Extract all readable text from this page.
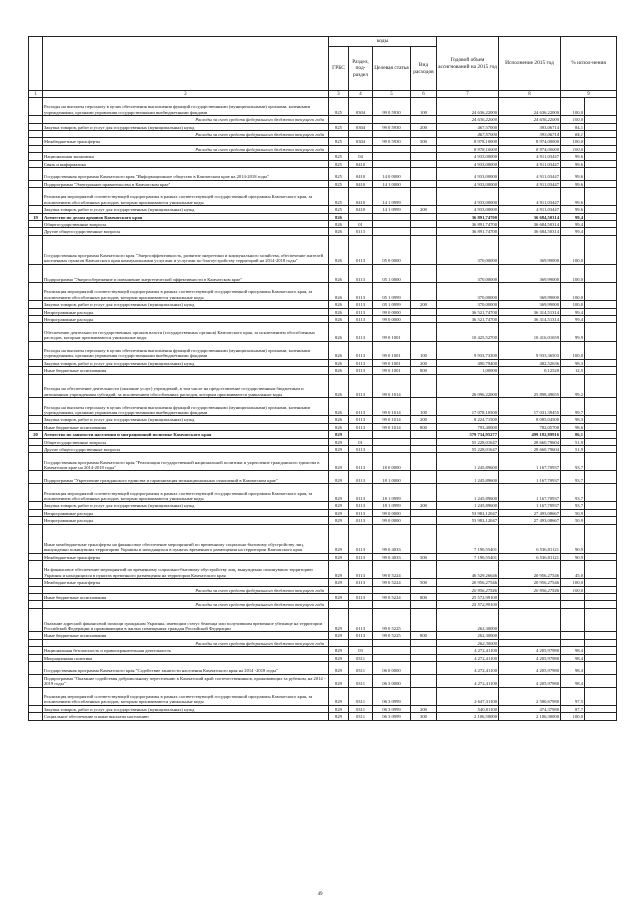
		коды				Годовой объем ассигнований на 2015 год	Исполнение 2015 год	% испол-нения	
		ГРБС	Раздел, под-раздел	Целевая статья	Вид расходов				
1	2	3	4	5	6	7	8	9	
	Расходы на выплаты персоналу в целях обеспечения выполнения функций государственными (муниципальными) органами, казенными учреждениями, органами управления государственными внебюджетными фондами	825	0304	99 0 5930	100	24 636,22000	24 636,22000	100,0	
	Расходы за счет средств федерального бюджета текущего года					24 636,22000	24 636,22000	100,0	
	Закупка товаров, работ и услуг для государственных (муниципальных) нужд	825	0304	99 0 5930	200	467,57000	393,06714	84,1	
	Расходы за счет средств федерального бюджета текущего года					467,57000	393,06714	84,1	
	Межбюджетные трансферты	825	0304	99 0 5930	500	8 978,10000	8 974,00000	100,0	
	Расходы за счет средств федерального бюджета текущего года					8 978,10000	8 974,00000	100,0	
	Национальная экономика	825	04			4 933,00000	4 911,03447	99,6	
	Связь и информатика	825	0410			4 933,00000	4 911,03447	99,6	
	Государственная программа Камчатского края "Информационное общество в Камчатском крае на 2014-2018 годы"	825	0410	14 0 0000		4 933,00000	4 911,03447	99,6	
	Подпрограмма "Электронное правительство в Камчатском крае"	825	0410	14 1 0000		4 933,00000	4 911,03447	99,6	
	Реализация мероприятий соответствующей подпрограммы в рамках соответствующей государственной программы Камчатского края, за исключением обособленных расходов, которым присваиваются уникальные коды	825	0410	14 1 0999		4 933,00000	4 911,03447	99,6	
	Закупка товаров, работ и услуг для государственных (муниципальных) нужд	825	0410	14 1 0999	200	4 933,00000	4 911,03447	99,6	
19	Агентство по делам архивов Камчатского края	826				36 891,74700	36 684,50314	99,4	
	Общегосударственные вопросы	826	01			36 891,74700	36 684,50314	99,4	
	Другие общегосударственные вопросы	826	0113			36 891,74700	36 684,50314	99,4	
	Государственная программа Камчатского края "Энергоэффективность, развитие энергетики и коммунального хозяйства, обеспечение жителей населенных пунктов Камчатского края коммунальными услугами и услугами по благоустройству территорий на 2014-2018 годы"	826	0113	05 0 0000		370,00000	369,99000	100,0	
	Подпрограмма "Энергосбережение и повышение энергетической эффективности в Камчатском крае"	826	0113	05 1 0000		370,00000	369,99000	100,0	
	Реализация мероприятий соответствующей подпрограммы в рамках соответствующей государственной программы Камчатского края, за исключением обособленных расходов, которым присваиваются уникальные коды	826	0113	05 1 0999		370,00000	369,99000	100,0	
	Закупка товаров, работ и услуг для государственных (муниципальных) нужд	826	0113	05 1 0999	200	370,00000	369,99000	100,0	
	Непрограммные расходы	826	0113	99 0 0000		36 521,74700	36 314,51314	99,4	
	Непрограммные расходы	826	0113	99 0 0000		36 521,74700	36 314,51314	99,4	
	Обеспечение деятельности государственных органов власти (государственных органов) Камчатского края, за исключением обособленных расходов, которым присваиваются уникальные коды	826	0113	99 0 1001		10 425,52700	10 416,01659	99,9	
	Расходы на выплаты персоналу в целях обеспечения выполнения функций государственными (муниципальными) органами, казенными учреждениями, органами управления государственными внебюджетными фондами	826	0113	99 0 1001	100	9 933,73300	9 933,36503	100,0	
	Закупка товаров, работ и услуг для государственных (муниципальных) нужд	826	0113	99 0 1001	200	490,79400	482,52636	98,3	
	Иные бюджетные ассигнования	826	0113	99 0 1001	800	1,00000	0,12520	12,5	
	Расходы на обеспечение деятельности (оказание услуг) учреждений, в том числе на предоставление государственным бюджетным и автономным учреждениям субсидий, за исключением обособленных расходов, которым присваиваются уникальные коды	826	0113	99 0 1014		26 096,22000	25 898,49655	99,2	
	Расходы на выплаты персоналу в целях обеспечения выполнения функций государственными (муниципальными) органами, казенными учреждениями, органами управления государственными внебюджетными фондами	826	0113	99 0 1014	100	17 078,10500	17 031,39455	99,7	
	Закупка товаров, работ и услуг для государственных (муниципальных) нужд	826	0113	99 0 1014	200	8 224,71500	8 085,04500	98,3	
	Иные бюджетные ассигнования	826	0113	99 0 1014	800	793,40000	782,05700	98,6	
20	Агентство по занятости населения и миграционной политике Камчатского края	829				579 734,95277	499 182,89916	86,1	
	Общегосударственные вопросы	829	01			55 228,01647	28 660,79604	51,9	
	Другие общегосударственные вопросы	829	0113			55 228,01647	28 660,79604	51,9	
	Государственная программа Камчатского края "Реализация государственной национальной политики и укрепление гражданского единства в Камчатском крае на 2014-2018 годы"	829	0113	18 0 0000		1 245,89600	1 167,70937	93,7	
	Подпрограмма "Укрепление гражданского единства и гармонизация межнациональных отношений в Камчатском крае"	829	0113	18 1 0000		1 245,89600	1 167,70937	93,7	
	Реализация мероприятий соответствующей подпрограммы в рамках соответствующей государственной программы Камчатского края, за исключением обособленных расходов, которым присваиваются уникальные коды	829	0113	18 1 0999		1 245,89600	1 167,70937	93,7	
	Закупка товаров, работ и услуг для государственных (муниципальных) нужд	829	0113	18 1 0999	200	1 245,89600	1 167,70937	93,7	
	Непрограммные расходы	829	0113	99 0 0000		53 982,12047	27 493,08667	50,9	
	Непрограммные расходы	829	0113	99 0 0000		53 982,12047	27 493,08667	50,9	
	Иные межбюджетные трансферты на финансовое обеспечение мероприятий по временному социально-бытовому обустройству лиц, вынужденно покинувших территорию Украины и находящихся в пунктах временного размещения на территории Камчатского края	829	0113	99 0 4033		7 190,55401	6 536,81121	90,9	
	Межбюджетные трансферты	829	0113	99 0 4033	500	7 190,55401	6 536,81121	90,9	
	На финансовое обеспечение мероприятий по временному социально-бытовому обустройству лиц, вынужденно покинувших территорию Украины и находящихся в пунктах временного размещения на территории Камчатского края	829	0113	99 0 5224		46 529,26646	20 956,27546	45,0	
	Межбюджетные трансферты	829	0113	99 0 5224	500	20 956,27546	20 956,27546	100,0	
	Расходы за счет средств федерального бюджета текущего года					20 956,27546	20 956,27546	100,0	
	Иные бюджетные ассигнования	829	0113	99 0 5224	800	25 572,99100			
	Расходы за счет средств федерального бюджета текущего года					25 572,99100			
	Оказание адресной финансовой помощи гражданам Украины, имеющим статус беженца или получившим временное убежище на территории Российской Федерации и проживающим в жилых помещениях граждан Российской Федерации	829	0113	99 0 5225		262,30000			
	Иные бюджетные ассигнования	829	0113	99 0 5225	800	262,30000			
	Расходы за счет средств федерального бюджета текущего года					262,30000			
	Национальная безопасность и правоохранительная деятельность	829	03			4 272,41100	4 205,97980	98,4	
	Миграционная политика	829	0311			4 272,41100	4 205,97980	98,4	
	Государственная программа Камчатского края "Содействие занятости населения Камчатского края на 2014 -2018 годы"	829	0311	06 0 0000		4 272,41100	4 205,97980	98,4	
	Подпрограмма "Оказание содействия добровольному переселению в Камчатский край соотечественников, проживающих за рубежом, на 2014 - 2019 годы"	829	0311	06 3 0000		4 272,41100	4 205,97980	98,4	
	Реализация мероприятий соответствующей подпрограммы в рамках соответствующей государственной программы Камчатского края, за исключением обособленных расходов, которым присваиваются уникальные коды	829	0311	06 3 0999		2 647,31100	2 580,67980	97,5	
	Закупка товаров, работ и услуг для государственных (муниципальных) нужд	829	0311	06 3 0999	200	540,81100	474,37980	87,7	
	Социальное обеспечение и иные выплаты населению	829	0311	06 3 0999	300	2 106,50000	2 106,30000	100,0	
49
